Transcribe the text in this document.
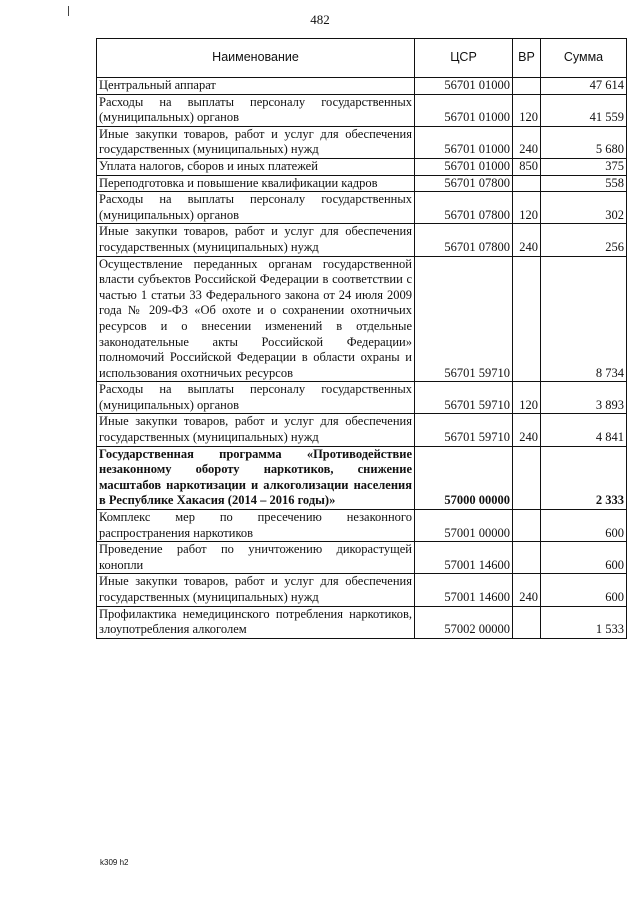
482
Наименование	ЦСР	ВР	Сумма
Центральный аппарат	56701 01000		47 614
Расходы на выплаты персоналу государственных (муниципальных) органов	56701 01000	120	41 559
Иные закупки товаров, работ и услуг для обеспечения государственных (муниципальных) нужд	56701 01000	240	5 680
Уплата налогов, сборов и иных платежей	56701 01000	850	375
Переподготовка и повышение квалификации кадров	56701 07800		558
Расходы на выплаты персоналу государственных (муниципальных) органов	56701 07800	120	302
Иные закупки товаров, работ и услуг для обеспечения государственных (муниципальных) нужд	56701 07800	240	256
Осуществление переданных органам государственной власти субъектов Российской Федерации в соответствии с частью 1 статьи 33 Федерального закона от 24 июля 2009 года № 209-ФЗ «Об охоте и о сохранении охотничьих ресурсов и о внесении изменений в отдельные законодательные акты Российской Федерации» полномочий Российской Федерации в области охраны и использования охотничьих ресурсов	56701 59710		8 734
Расходы на выплаты персоналу государственных (муниципальных) органов	56701 59710	120	3 893
Иные закупки товаров, работ и услуг для обеспечения государственных (муниципальных) нужд	56701 59710	240	4 841
Государственная программа «Противодействие незаконному обороту наркотиков, снижение масштабов наркотизации и алкоголизации населения в Республике Хакасия (2014 – 2016 годы)»	57000 00000		2 333
Комплекс мер по пресечению незаконного распространения наркотиков	57001 00000		600
Проведение работ по уничтожению дикорастущей конопли	57001 14600		600
Иные закупки товаров, работ и услуг для обеспечения государственных (муниципальных) нужд	57001 14600	240	600
Профилактика немедицинского потребления наркотиков, злоупотребления алкоголем	57002 00000		1 533
k309 h2
